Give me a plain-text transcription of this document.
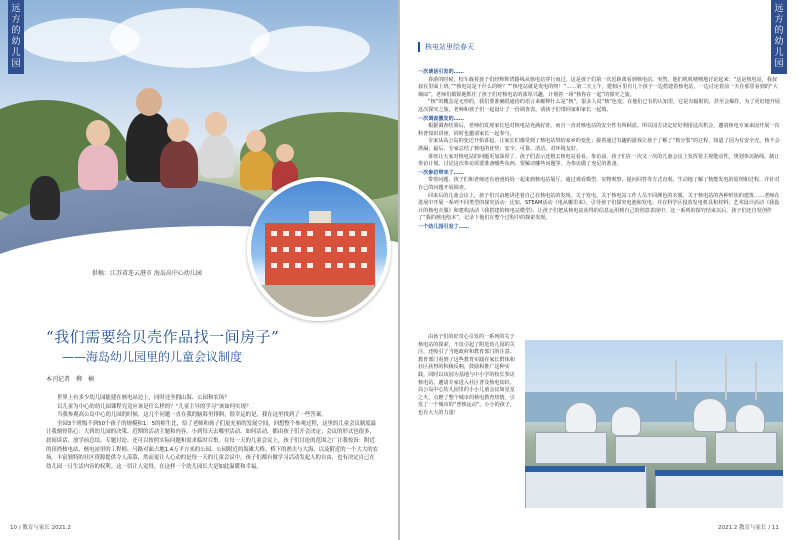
远方
的幼
儿园
供稿：江苏省连云港市 海岛高中心幼儿园
“我们需要给贝壳作品找一间房子”
——海岛幼儿园里的儿童会议制度
本刊记者　柳　楠

世界上有多少幼儿园能建在核电站边上，同时还坐拥山海、公园和农场？

以儿童为中心的幼儿园课程究竟应该是什么样的？“儿童主导的学习”该如何实现？

当我参观高公岛中心幼儿园的时候，这几个问题一直在我的脑海里徘徊，很幸运的是，我在这里找到了一些答案。

全园3个班级不到50个孩子的规模和1：5的师生比，给了老师和孩子们更充裕的发展空间，回想整个参观过程，这里的儿童会议制度最让我刻骨铭心：大到幼儿园的决策、近期的活动主题和内容，小到每天去哪里活动、如何活动，都由孩子们开会决定；会议的形式也很多，晨间谈话、放学前总结、专题讨论、还可以按照实际问题和需求临时召集。在每一天的儿童会议上，孩子们讨论的范围之广让我惊讶：附近的田湾核电站、核电站里的工程师、马路对面占地1.4万平方米的公园、公园附近的海滩大桥、桥下的渔夫与大海、以及附近的一个大大的农场。丰富独特的社区资源提供令人羡慕，然而更让人心动的是每一天的儿童会议中，孩子们都有做学习活动发起人的自由，也有决定自己在幼儿园一日生活内容的权利。这一切让人觉得，在这样一个幼儿园长大是如此温暖和幸福。

10 / 教育与家长 2021.2
远方
的幼
儿园
核电站里绘春天

一次谈话引发的……

春游的时候，校车载着孩子们经辉辉湾路线从核电站穿行而过。这是孩子们第一次近距离看到核电站。突然，他们叽叽喳喳地讨论起来：“这是核电站，我叔叔在里面上班。”“核电站是干什么的呀？”“核电站就是发电的呀！”……第二天上午，建构区里有几个孩子一边搭建着核电站，一边讨论着前一天在那里看到的“大烟囱”。老师们敏锐地抓住了孩子们对核电站的浓厚兴趣，计划着一场“核你在一起”的探究之旅。

“核”的概念是无形的，我们要准确很通俗的语言来解释什么是“核”，很多人说“核”色变。在他们已有的认知里，它是有辐射的，甚至会爆炸。为了更好地开展这次探究之旅，老师和孩子们一起设计了一份调查表，请孩子们带回家和家长一起填。

一次调查激发的……

根据调查结果后，老师们发现家长也对核电站充满好奇，而且一直对核电站的安全性有所顾虑。所以园方决定好好利用这次机会，邀请核电专家来园开展一次科普知识讲座，同时也邀请家长一起参与。

专家从高公岛的变迁开始讲起，让家长们感受到了核电站带给家乡的变化；接着通过有趣的游戏让孩子了解了“核分裂”的过程，知道了因为有安全壳，核不会泄漏；最后，专家总结了核电的优势：安全、可靠、清洁、对环境友好。

讲座让大家对核电站的问题更加深厚了。孩子们表示还想去核电站看看。参访前，孩子们在一次又一次的儿童会议上发挥着主观能动性，规划参访路线、制订参访计划、讨论这次参访需要准备哪些东西、要解决哪些问题等，为参访做了充足的准备。

一次参访带来了……

带着问题，孩子们和老师还有爸爸妈妈一起来到核电站展厅。通过观看模型、实物观察、提问回答等方式直观、生动地了解了核能发电的原理和过程，并针对自己的问题开展调查。

回来后的儿童会议上，孩子们兴奋地讲述着自己在核电站的发现。关于发电，关于核电站工作人员不同颜色的衣服，关于核电站的各种形状的建筑……老师在进展中开展一系列不同类型的探究活动：比如，STEAM活动《电从哪里来》，引导孩子们探究电池和发电；并在科学区投放发电机具和材料；艺术设计活动《我设计的核电衣服》和建构活动《我搭建的核电站模型》，让孩子们把从核电站获得的信息运用到自己的创意表现中。这一系列的探究结束以后，孩子们还自发创作了“我的核电绘本”，记录下他们在整个过程中的探索发现。

一个幼儿园引发了……

由孩子们的好奇心引发的一系列的关于核电站的探索，不仅引起了附近幼儿园的关注，还吸引了当地政府和教育部门的注意。教育部门看到了这些教育实践在家长群体和社区获得的积极反响，鼓励和推广这种实践，同时以该园为基地与中小学的校长参访核电站。邀请专家进入社区普及核电知识。高公岛中心幼儿园里的小小儿童会议如星星之火，点燃了整个城市的核电教育热情，引发了一个城市的“普核运动”。小小的孩子，也有大大的力量！

2021.2 教育与家长 / 11
